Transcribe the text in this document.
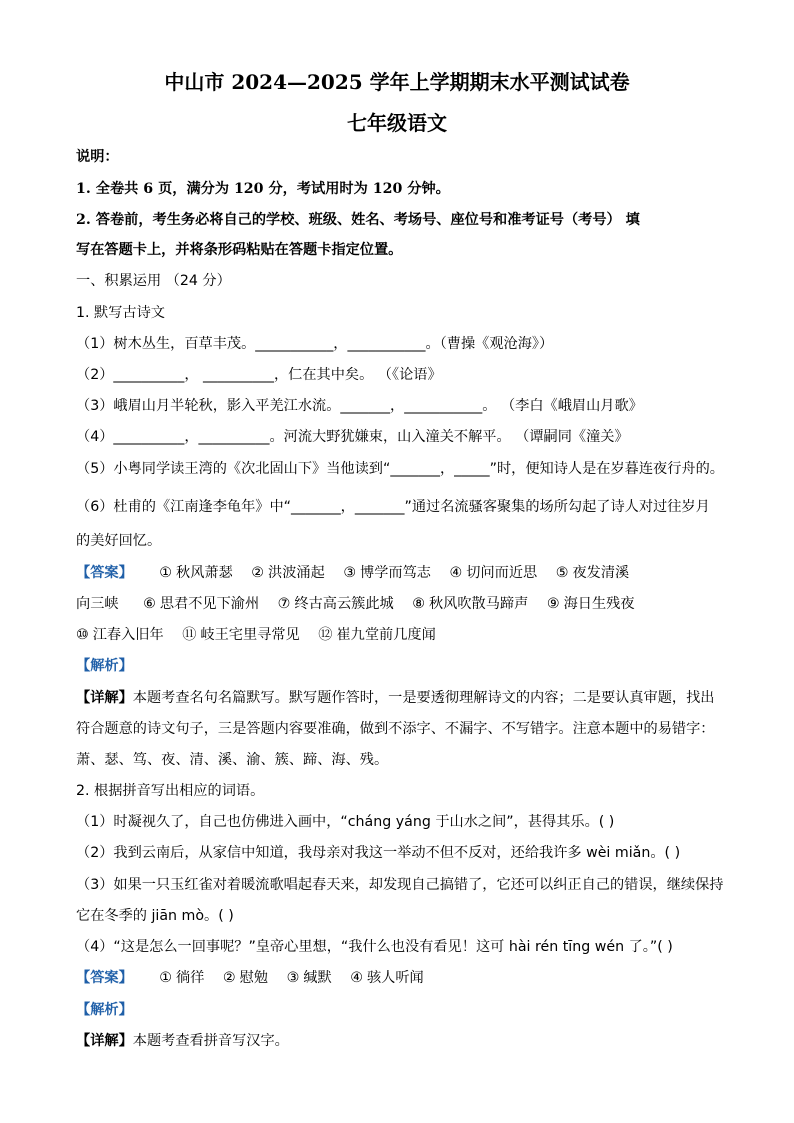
中山市 2024—2025 学年上学期期末水平测试试卷
七年级语文
说明：
1. 全卷共 6 页，满分为 120 分，考试用时为 120 分钟。
2. 答卷前，考生务必将自己的学校、班级、姓名、考场号、座位号和准考证号（考号） 填
写在答题卡上，并将条形码粘贴在答题卡指定位置。
一、积累运用 （24 分）
1. 默写古诗文
（1）树木丛生，百草丰茂。___________，___________。（曹操《观沧海》）
（2）__________， __________，仁在其中矣。 （《论语》
（3）峨眉山月半轮秋，影入平羌江水流。_______，___________。 （李白《峨眉山月歌》
（4）__________，__________。河流大野犹嫌束，山入潼关不解平。 （谭嗣同《潼关》
（5）小粤同学读王湾的《次北固山下》当他读到“_______，_____”时，便知诗人是在岁暮连夜行舟的。
（6）杜甫的《江南逢李龟年》中“_______，_______”通过名流骚客聚集的场所勾起了诗人对过往岁月
的美好回忆。
【答案】 ① 秋风萧瑟 ② 洪波涌起 ③ 博学而笃志 ④ 切问而近思 ⑤ 夜发清溪
向三峡 ⑥ 思君不见下渝州 ⑦ 终古高云簇此城 ⑧ 秋风吹散马蹄声 ⑨ 海日生残夜
⑩ 江春入旧年 ⑪ 岐王宅里寻常见 ⑫ 崔九堂前几度闻
【解析】
【详解】本题考查名句名篇默写。默写题作答时，一是要透彻理解诗文的内容；二是要认真审题，找出
符合题意的诗文句子，三是答题内容要准确，做到不添字、不漏字、不写错字。注意本题中的易错字：
萧、瑟、笃、夜、清、溪、渝、簇、蹄、海、残。
2. 根据拼音写出相应的词语。
（1）时凝视久了，自己也仿佛进入画中，“cháng yáng 于山水之间”，甚得其乐。( )
（2）我到云南后，从家信中知道，我母亲对我这一举动不但不反对，还给我许多 wèi miǎn。( )
（3）如果一只玉红雀对着暖流歌唱起春天来，却发现自己搞错了，它还可以纠正自己的错误，继续保持
它在冬季的 jiān mò。( )
（4）“这是怎么一回事呢？”皇帝心里想，“我什么也没有看见！这可 hài rén tīng wén 了。”( )
【答案】 ① 徜徉 ② 慰勉 ③ 缄默 ④ 骇人听闻
【解析】
【详解】本题考查看拼音写汉字。
